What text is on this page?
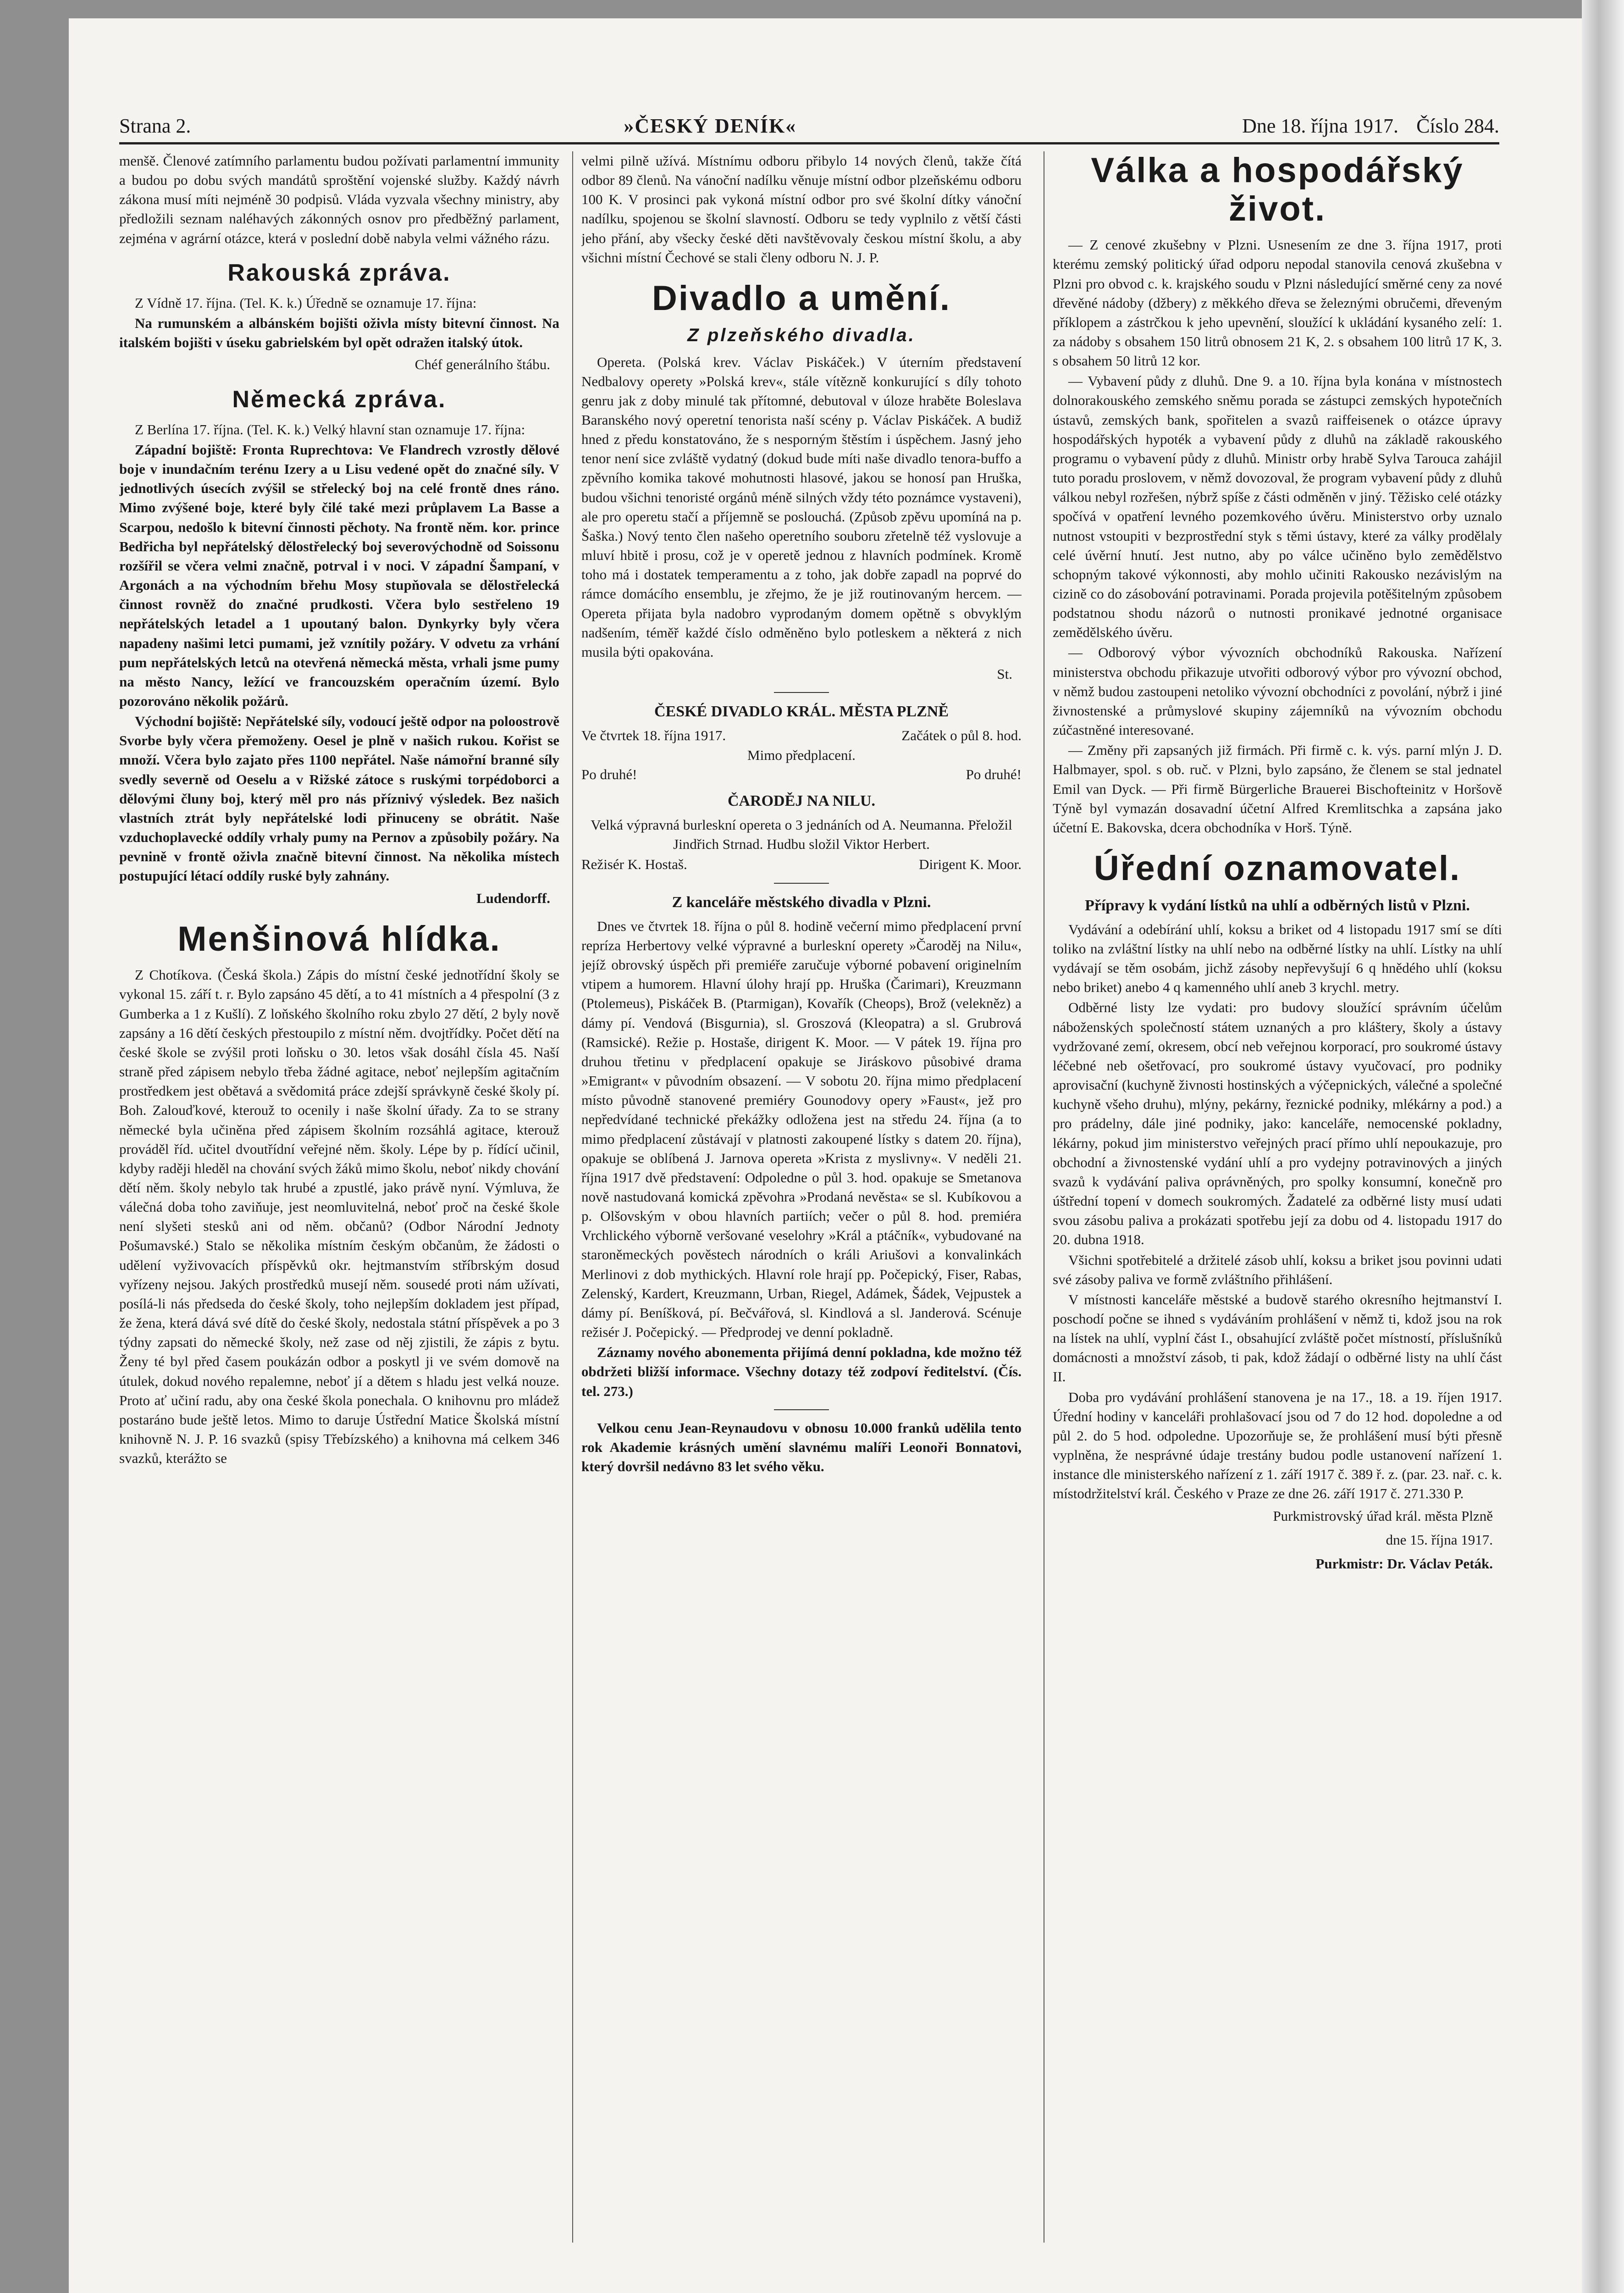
Strana 2.	»ČESKÝ DENÍK«	Dne 18. října 1917. Číslo 284.

menšě. Členové zatímního parlamentu budou požívati parlamentní immunity a budou po dobu svých mandátů sproštění vojenské služby. Každý návrh zákona musí míti nejméně 30 podpisů. Vláda vyzvala všechny ministry, aby předložili seznam naléhavých zákonných osnov pro předběžný parlament, zejména v agrární otázce, která v poslední době nabyla velmi vážného rázu.

Rakouská zpráva.

Z Vídně 17. října. (Tel. K. k.) Úředně se oznamuje 17. října:

Na rumunském a albánském bojišti oživla místy bitevní činnost. Na italském bojišti v úseku gabrielském byl opět odražen italský útok.

Chéf generálního štábu.
Německá zpráva.

Z Berlína 17. října. (Tel. K. k.) Velký hlavní stan oznamuje 17. října:

Západní bojiště: Fronta Ruprechtova: Ve Flandrech vzrostly dělové boje v inundačním terénu Izery a u Lisu vedené opět do značné síly. V jednotlivých úsecích zvýšil se střelecký boj na celé frontě dnes ráno. Mimo zvýšené boje, které byly čilé také mezi průplavem La Basse a Scarpou, nedošlo k bitevní činnosti pěchoty. Na frontě něm. kor. prince Bedřicha byl nepřátelský dělostřelecký boj severovýchodně od Soissonu rozšířil se včera velmi značně, potrval i v noci. V západní Šampaní, v Argonách a na východním břehu Mosy stupňovala se dělostřelecká činnost rovněž do značné prudkosti. Včera bylo sestřeleno 19 nepřátelských letadel a 1 upoutaný balon. Dynkyrky byly včera napadeny našimi letci pumami, jež vznítily požáry. V odvetu za vrhání pum nepřátelských letců na otevřená německá města, vrhali jsme pumy na město Nancy, ležící ve francouzském operačním území. Bylo pozorováno několik požárů.

Východní bojiště: Nepřátelské síly, vodoucí ještě odpor na poloostrově Svorbe byly včera přemoženy. Oesel je plně v našich rukou. Kořist se množí. Včera bylo zajato přes 1100 nepřátel. Naše námořní branné síly svedly severně od Oeselu a v Rižské zátoce s ruskými torpédoborci a dělovými čluny boj, který měl pro nás příznivý výsledek. Bez našich vlastních ztrát byly nepřátelské lodi přinuceny se obrátit. Naše vzduchoplavecké oddíly vrhaly pumy na Pernov a způsobily požáry. Na pevnině v frontě oživla značně bitevní činnost. Na několika místech postupující létací oddíly ruské byly zahnány.

Ludendorff.
Menšinová hlídka.

Z Chotíkova. (Česká škola.) Zápis do místní české jednotřídní školy se vykonal 15. září t. r. Bylo zapsáno 45 dětí, a to 41 místních a 4 přespolní (3 z Gumberka a 1 z Kušlí). Z loňského školního roku zbylo 27 dětí, 2 byly nově zapsány a 16 dětí českých přestoupilo z místní něm. dvojtřídky. Počet dětí na české škole se zvýšil proti loňsku o 30. letos však dosáhl čísla 45. Naší straně před zápisem nebylo třeba žádné agitace, neboť nejlepším agitačním prostředkem jest obětavá a svědomitá práce zdejší správkyně české školy pí. Boh. Zalouďkové, kterouž to ocenily i naše školní úřady. Za to se strany německé byla učiněna před zápisem školním rozsáhlá agitace, kterouž prováděl říd. učitel dvoutřídní veřejné něm. školy. Lépe by p. řídící učinil, kdyby raději hleděl na chování svých žáků mimo školu, neboť nikdy chování dětí něm. školy nebylo tak hrubé a zpustlé, jako právě nyní. Výmluva, že válečná doba toho zaviňuje, jest neomluvitelná, neboť proč na české škole není slyšeti stesků ani od něm. občanů? (Odbor Národní Jednoty Pošumavské.) Stalo se několika místním českým občanům, že žádosti o udělení vyživovacích příspěvků okr. hejtmanstvím stříbrským dosud vyřízeny nejsou. Jakých prostředků musejí něm. sousedé proti nám užívati, posílá-li nás předseda do české školy, toho nejlepším dokladem jest případ, že žena, která dává své dítě do české školy, nedostala státní příspěvek a po 3 týdny zapsati do německé školy, než zase od něj zjistili, že zápis z bytu. Ženy té byl před časem poukázán odbor a poskytl ji ve svém domově na útulek, dokud nového repalemne, neboť jí a dětem s hladu jest velká nouze. Proto ať učiní radu, aby ona české škola ponechala. O knihovnu pro mládež postaráno bude ještě letos. Mimo to daruje Ústřední Matice Školská místní knihovně N. J. P. 16 svazků (spisy Třebízského) a knihovna má celkem 346 svazků, kterážto se

velmi pilně užívá. Místnímu odboru přibylo 14 nových členů, takže čítá odbor 89 členů. Na vánoční nadílku věnuje místní odbor plzeňskému odboru 100 K. V prosinci pak vykoná místní odbor pro své školní dítky vánoční nadílku, spojenou se školní slavností. Odboru se tedy vyplnilo z větší části jeho přání, aby všecky české děti navštěvovaly českou místní školu, a aby všichni místní Čechové se stali členy odboru N. J. P.

Divadlo a umění.
Z plzeňského divadla.

Opereta. (Polská krev. Václav Piskáček.) V úterním představení Nedbalovy operety »Polská krev«, stále vítězně konkurující s díly tohoto genru jak z doby minulé tak přítomné, debutoval v úloze hraběte Boleslava Baranského nový operetní tenorista naší scény p. Václav Piskáček. A budiž hned z předu konstatováno, že s nesporným štěstím i úspěchem. Jasný jeho tenor není sice zvláště vydatný (dokud bude míti naše divadlo tenora-buffo a zpěvního komika takové mohutnosti hlasové, jakou se honosí pan Hruška, budou všichni tenoristé orgánů méně silných vždy této poznámce vystaveni), ale pro operetu stačí a příjemně se poslouchá. (Způsob zpěvu upomíná na p. Šaška.) Nový tento člen našeho operetního souboru zřetelně též vyslovuje a mluví hbitě i prosu, což je v operetě jednou z hlavních podmínek. Kromě toho má i dostatek temperamentu a z toho, jak dobře zapadl na poprvé do rámce domácího ensemblu, je zřejmo, že je již routinovaným hercem. — Opereta přijata byla nadobro vyprodaným domem opětně s obvyklým nadšením, téměř každé číslo odměněno bylo potleskem a některá z nich musila býti opakována.

St.
ČESKÉ DIVADLO KRÁL. MĚSTA PLZNĚ
Ve čtvrtek 18. října 1917.	Začátek o půl 8. hod.
Mimo předplacení.
Po druhé!	Po druhé!
ČARODĚJ NA NILU.

Velká výpravná burleskní opereta o 3 jednáních od A. Neumanna. Přeložil Jindřich Strnad. Hudbu složil Viktor Herbert.

Režisér K. Hostaš.	Dirigent K. Moor.
Z kanceláře městského divadla v Plzni.

Dnes ve čtvrtek 18. října o půl 8. hodině večerní mimo předplacení první repríza Herbertovy velké výpravné a burleskní operety »Čaroděj na Nilu«, jejíž obrovský úspěch při premiéře zaručuje výborné pobavení originelním vtipem a humorem. Hlavní úlohy hrají pp. Hruška (Čarimari), Kreuzmann (Ptolemeus), Piskáček B. (Ptarmigan), Kovařík (Cheops), Brož (velekněz) a dámy pí. Vendová (Bisgurnia), sl. Groszová (Kleopatra) a sl. Grubrová (Ramsické). Režie p. Hostaše, dirigent K. Moor. — V pátek 19. října pro druhou třetinu v předplacení opakuje se Jiráskovo působivé drama »Emigrant« v původním obsazení. — V sobotu 20. října mimo předplacení místo původně stanovené premiéry Gounodovy opery »Faust«, jež pro nepředvídané technické překážky odložena jest na středu 24. října (a to mimo předplacení zůstávají v platnosti zakoupené lístky s datem 20. října), opakuje se oblíbená J. Jarnova opereta »Krista z myslivny«. V neděli 21. října 1917 dvě představení: Odpoledne o půl 3. hod. opakuje se Smetanova nově nastudovaná komická zpěvohra »Prodaná nevěsta« se sl. Kubíkovou a p. Olšovským v obou hlavních partiích; večer o půl 8. hod. premiéra Vrchlického výborně veršované veselohry »Král a ptáčník«, vybudované na staroněmeckých pověstech národních o králi Ariušovi a konvalinkách Merlinovi z dob mythických. Hlavní role hrají pp. Počepický, Fiser, Rabas, Zelenský, Kardert, Kreuzmann, Urban, Riegel, Adámek, Šádek, Vejpustek a dámy pí. Beníšková, pí. Bečvářová, sl. Kindlová a sl. Janderová. Scénuje režisér J. Počepický. — Předprodej ve denní pokladně.

Záznamy nového abonementa přijímá denní pokladna, kde možno též obdržeti bližší informace. Všechny dotazy též zodpoví ředitelství. (Čís. tel. 273.)

Velkou cenu Jean-Reynaudovu v obnosu 10.000 franků udělila tento rok Akademie krásných umění slavnému malíři Leonoři Bonnatovi, který dovršil nedávno 83 let svého věku.

Válka a hospodářský život.

— Z cenové zkušebny v Plzni. Usnesením ze dne 3. října 1917, proti kterému zemský politický úřad odporu nepodal stanovila cenová zkušebna v Plzni pro obvod c. k. krajského soudu v Plzni následující směrné ceny za nové dřevěné nádoby (džbery) z měkkého dřeva se železnými obručemi, dřeveným příklopem a zástrčkou k jeho upevnění, sloužící k ukládání kysaného zelí: 1. za nádoby s obsahem 150 litrů obnosem 21 K, 2. s obsahem 100 litrů 17 K, 3. s obsahem 50 litrů 12 kor.

— Vybavení půdy z dluhů. Dne 9. a 10. října byla konána v místnostech dolnorakouského zemského sněmu porada se zástupci zemských hypotečních ústavů, zemských bank, spořitelen a svazů raiffeisenek o otázce úpravy hospodářských hypoték a vybavení půdy z dluhů na základě rakouského programu o vybavení půdy z dluhů. Ministr orby hrabě Sylva Tarouca zahájil tuto poradu proslovem, v němž dovozoval, že program vybavení půdy z dluhů válkou nebyl rozřešen, nýbrž spíše z části odměněn v jiný. Těžisko celé otázky spočívá v opatření levného pozemkového úvěru. Ministerstvo orby uznalo nutnost vstoupiti v bezprostřední styk s těmi ústavy, které za války prodělaly celé úvěrní hnutí. Jest nutno, aby po válce učiněno bylo zemědělstvo schopným takové výkonnosti, aby mohlo učiniti Rakousko nezávislým na cizině co do zásobování potravinami. Porada projevila potěšitelným způsobem podstatnou shodu názorů o nutnosti pronikavé jednotné organisace zemědělského úvěru.

— Odborový výbor vývozních obchodníků Rakouska. Nařízení ministerstva obchodu přikazuje utvořiti odborový výbor pro vývozní obchod, v němž budou zastoupeni netoliko vývozní obchodníci z povolání, nýbrž i jiné živnostenské a průmyslové skupiny zájemníků na vývozním obchodu zúčastněné interesované.

— Změny při zapsaných již firmách. Při firmě c. k. výs. parní mlýn J. D. Halbmayer, spol. s ob. ruč. v Plzni, bylo zapsáno, že členem se stal jednatel Emil van Dyck. — Při firmě Bürgerliche Brauerei Bischofteinitz v Horšově Týně byl vymazán dosavadní účetní Alfred Kremlitschka a zapsána jako účetní E. Bakovska, dcera obchodníka v Horš. Týně.

Úřední oznamovatel.
Přípravy k vydání lístků na uhlí a odběrných listů v Plzni.

Vydávání a odebírání uhlí, koksu a briket od 4 listopadu 1917 smí se díti toliko na zvláštní lístky na uhlí nebo na odběrné lístky na uhlí. Lístky na uhlí vydávají se těm osobám, jichž zásoby nepřevyšují 6 q hnědého uhlí (koksu nebo briket) anebo 4 q kamenného uhlí aneb 3 krychl. metry.

Odběrné listy lze vydati: pro budovy sloužící správním účelům náboženských společností státem uznaných a pro kláštery, školy a ústavy vydržované zemí, okresem, obcí neb veřejnou korporací, pro soukromé ústavy léčebné neb ošetřovací, pro soukromé ústavy vyučovací, pro podniky aprovisační (kuchyně živnosti hostinských a výčepnických, válečné a společné kuchyně všeho druhu), mlýny, pekárny, řeznické podniky, mlékárny a pod.) a pro prádelny, dále jiné podniky, jako: kanceláře, nemocenské pokladny, lékárny, pokud jim ministerstvo veřejných prací přímo uhlí nepoukazuje, pro obchodní a živnostenské vydání uhlí a pro vydejny potravinových a jiných svazů k vydávání paliva oprávněných, pro spolky konsumní, konečně pro úštřední topení v domech soukromých. Žadatelé za odběrné listy musí udati svou zásobu paliva a prokázati spotřebu její za dobu od 4. listopadu 1917 do 20. dubna 1918.

Všichni spotřebitelé a držitelé zásob uhlí, koksu a briket jsou povinni udati své zásoby paliva ve formě zvláštního přihlášení.

V místnosti kanceláře městské a budově starého okresního hejtmanství I. poschodí počne se ihned s vydáváním prohlášení v němž ti, kdož jsou na rok na lístek na uhlí, vyplní část I., obsahující zvláště počet místností, příslušníků domácnosti a množství zásob, ti pak, kdož žádají o odběrné listy na uhlí část II.

Doba pro vydávání prohlášení stanovena je na 17., 18. a 19. říjen 1917. Úřední hodiny v kanceláři prohlašovací jsou od 7 do 12 hod. dopoledne a od půl 2. do 5 hod. odpoledne. Upozorňuje se, že prohlášení musí býti přesně vyplněna, že nesprávné údaje trestány budou podle ustanovení nařízení 1. instance dle ministerského nařízení z 1. září 1917 č. 389 ř. z. (par. 23. nař. c. k. místodržitelství král. Českého v Praze ze dne 26. září 1917 č. 271.330 P.

Purkmistrovský úřad král. města Plzně
dne 15. října 1917.
Purkmistr: Dr. Václav Peták.
